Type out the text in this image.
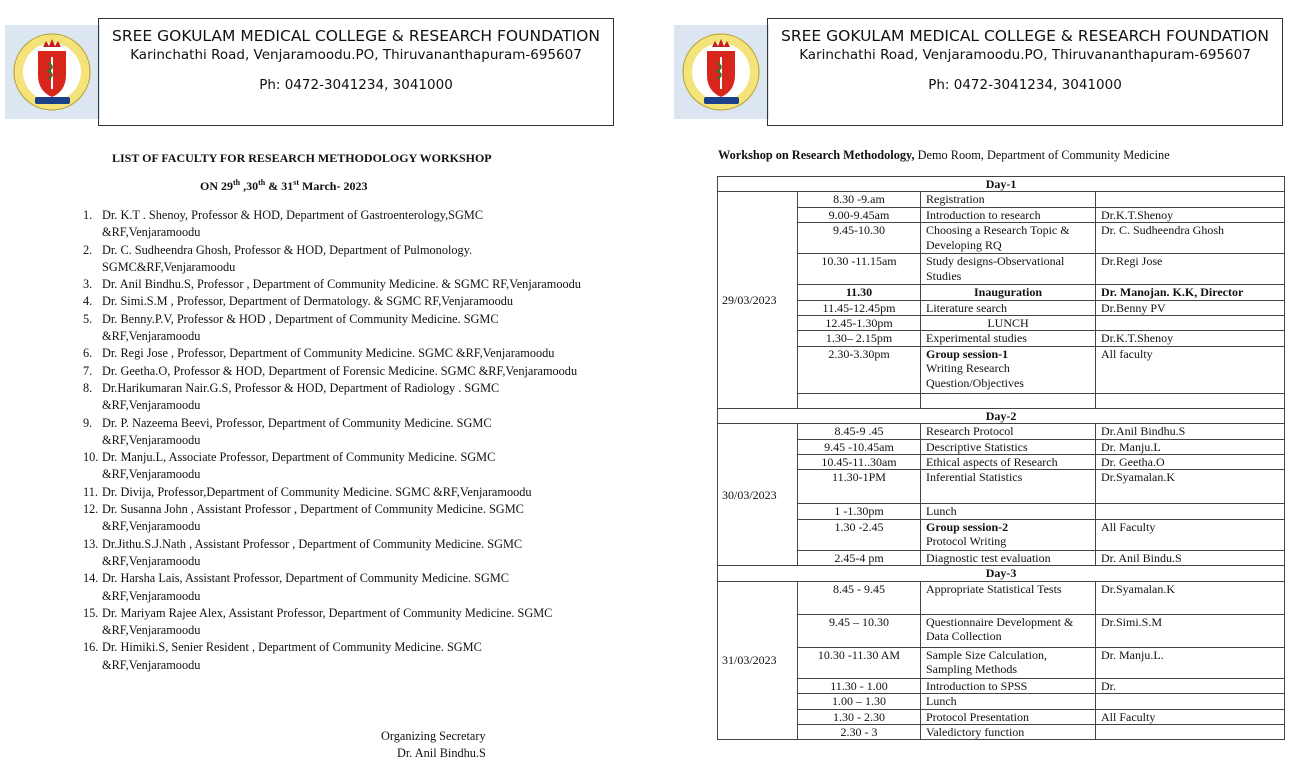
SREE GOKULAM MEDICAL COLLEGE & RESEARCH FOUNDATION
Karinchathi Road, Venjaramoodu.PO, Thiruvananthapuram-695607
Ph: 0472-3041234, 3041000
LIST OF FACULTY FOR RESEARCH METHODOLOGY WORKSHOP
ON 29th ,30th & 31st March- 2023
1. Dr. K.T . Shenoy, Professor & HOD, Department of Gastroenterology,SGMC &RF,Venjaramoodu
2. Dr. C. Sudheendra Ghosh, Professor & HOD, Department of Pulmonology. SGMC&RF,Venjaramoodu
3. Dr. Anil Bindhu.S, Professor , Department of Community Medicine. & SGMC RF,Venjaramoodu
4. Dr. Simi.S.M , Professor, Department of Dermatology. & SGMC RF,Venjaramoodu
5. Dr. Benny.P.V, Professor & HOD , Department of Community Medicine. SGMC &RF,Venjaramoodu
6. Dr. Regi Jose , Professor, Department of Community Medicine. SGMC &RF,Venjaramoodu
7. Dr. Geetha.O, Professor & HOD, Department of Forensic Medicine. SGMC &RF,Venjaramoodu
8. Dr.Harikumaran Nair.G.S, Professor & HOD, Department of Radiology . SGMC &RF,Venjaramoodu
9. Dr. P. Nazeema Beevi, Professor, Department of Community Medicine. SGMC &RF,Venjaramoodu
10. Dr. Manju.L, Associate Professor, Department of Community Medicine. SGMC &RF,Venjaramoodu
11. Dr. Divija, Professor,Department of Community Medicine. SGMC &RF,Venjaramoodu
12. Dr. Susanna John , Assistant Professor , Department of Community Medicine. SGMC &RF,Venjaramoodu
13. Dr.Jithu.S.J.Nath , Assistant Professor , Department of Community Medicine. SGMC &RF,Venjaramoodu
14. Dr. Harsha Lais, Assistant Professor, Department of Community Medicine. SGMC &RF,Venjaramoodu
15. Dr. Mariyam Rajee Alex, Assistant Professor, Department of Community Medicine. SGMC &RF,Venjaramoodu
16. Dr. Himiki.S, Senier Resident , Department of Community Medicine. SGMC &RF,Venjaramoodu
Organizing Secretary
Dr. Anil Bindhu.S
SREE GOKULAM MEDICAL COLLEGE & RESEARCH FOUNDATION
Karinchathi Road, Venjaramoodu.PO, Thiruvananthapuram-695607
Ph: 0472-3041234, 3041000
Workshop on Research Methodology, Demo Room, Department of Community Medicine
Day-1			
29/03/2023	8.30 -9.am	Registration	
	9.00-9.45am	Introduction to research	Dr.K.T.Shenoy
	9.45-10.30	Choosing a Research Topic & Developing RQ	Dr. C. Sudheendra Ghosh
	10.30 -11.15am	Study designs-Observational Studies	Dr.Regi Jose
	11.30	Inauguration	Dr. Manojan. K.K, Director
	11.45-12.45pm	Literature search	Dr.Benny PV
	12.45-1.30pm	LUNCH	
	1.30– 2.15pm	Experimental studies	Dr.K.T.Shenoy
	2.30-3.30pm	Group session-1
Writing Research Question/Objectives	All faculty

Day-2			
30/03/2023	8.45-9 .45	Research Protocol	Dr.Anil Bindhu.S
	9.45 -10.45am	Descriptive Statistics	Dr. Manju.L
	10.45-11..30am	Ethical aspects of Research	Dr. Geetha.O
	11.30-1PM	Inferential Statistics	Dr.Syamalan.K
	1 -1.30pm	Lunch	
	1.30 -2.45	Group session-2
Protocol Writing	All Faculty
	2.45-4 pm	Diagnostic test evaluation	Dr. Anil Bindu.S
Day-3			
31/03/2023	8.45 - 9.45	Appropriate Statistical Tests	Dr.Syamalan.K
	9.45 – 10.30	Questionnaire Development & Data Collection	Dr.Simi.S.M
	10.30 -11.30 AM	Sample Size Calculation, Sampling Methods	Dr. Manju.L.
	11.30 - 1.00	Introduction to SPSS	Dr.
	1.00 – 1.30	Lunch	
	1.30 - 2.30	Protocol Presentation	All Faculty
	2.30 - 3	Valedictory function	
